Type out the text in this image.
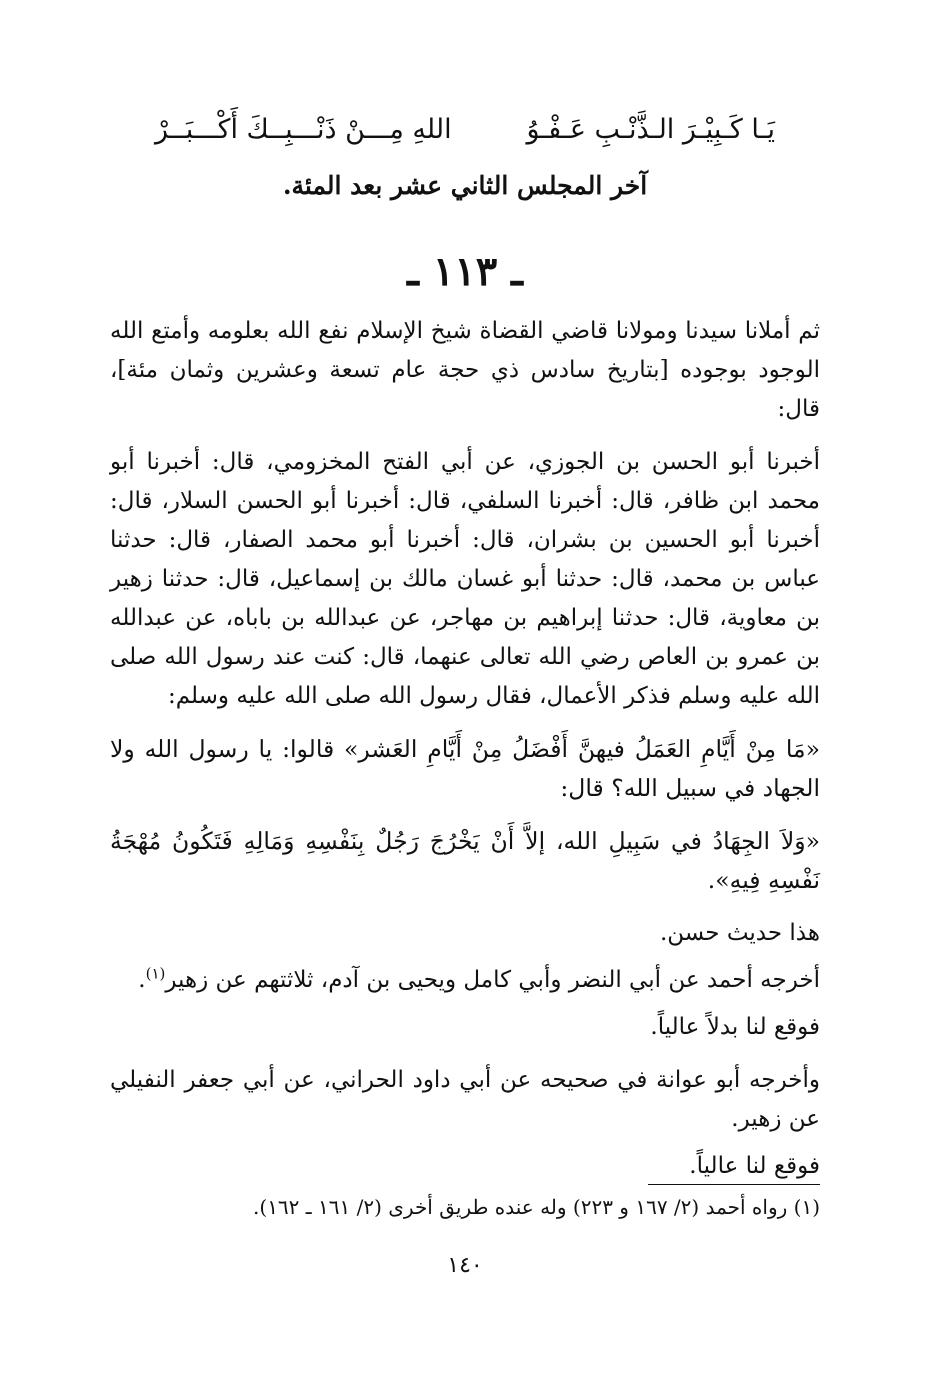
يَـا كَـبِيْـرَ الـذَّنْـبِ عَـفْـوُ
اللهِ مِـــنْ ذَنْـــبِــكَ أَكْـــبَــرْ
آخر المجلس الثاني عشر بعد المئة.
ـ ١١٣ ـ

ثم أملانا سيدنا ومولانا قاضي القضاة شيخ الإسلام نفع الله بعلومه وأمتع الله الوجود بوجوده [بتاريخ سادس ذي حجة عام تسعة وعشرين وثمان مئة]، قال:

أخبرنا أبو الحسن بن الجوزي، عن أبي الفتح المخزومي، قال: أخبرنا أبو محمد ابن ظافر، قال: أخبرنا السلفي، قال: أخبرنا أبو الحسن السلار، قال: أخبرنا أبو الحسين بن بشران، قال: أخبرنا أبو محمد الصفار، قال: حدثنا عباس بن محمد، قال: حدثنا أبو غسان مالك بن إسماعيل، قال: حدثنا زهير بن معاوية، قال: حدثنا إبراهيم بن مهاجر، عن عبدالله بن باباه، عن عبدالله بن عمرو بن العاص رضي الله تعالى عنهما، قال: كنت عند رسول الله صلى الله عليه وسلم فذكر الأعمال، فقال رسول الله صلى الله عليه وسلم:

«مَا مِنْ أَيَّامِ العَمَلُ فيهنَّ أَفْضَلُ مِنْ أَيَّامِ العَشر» قالوا: يا رسول الله ولا الجهاد في سبيل الله؟ قال:

«وَلاَ الجِهَادُ في سَبِيلِ الله، إلاَّ أَنْ يَخْرُجَ رَجُلٌ بِنَفْسِهِ وَمَالِهِ فَتَكُونُ مُهْجَةُ نَفْسِهِ فِيهِ».

هذا حديث حسن.

أخرجه أحمد عن أبي النضر وأبي كامل ويحيى بن آدم، ثلاثتهم عن زهير$^{(١)}$.

فوقع لنا بدلاً عالياً.

وأخرجه أبو عوانة في صحيحه عن أبي داود الحراني، عن أبي جعفر النفيلي عن زهير.

فوقع لنا عالياً.

(١) رواه أحمد (٢/ ١٦٧ و ٢٢٣) وله عنده طريق أخرى (٢/ ١٦١ ـ ١٦٢).
١٤٠
